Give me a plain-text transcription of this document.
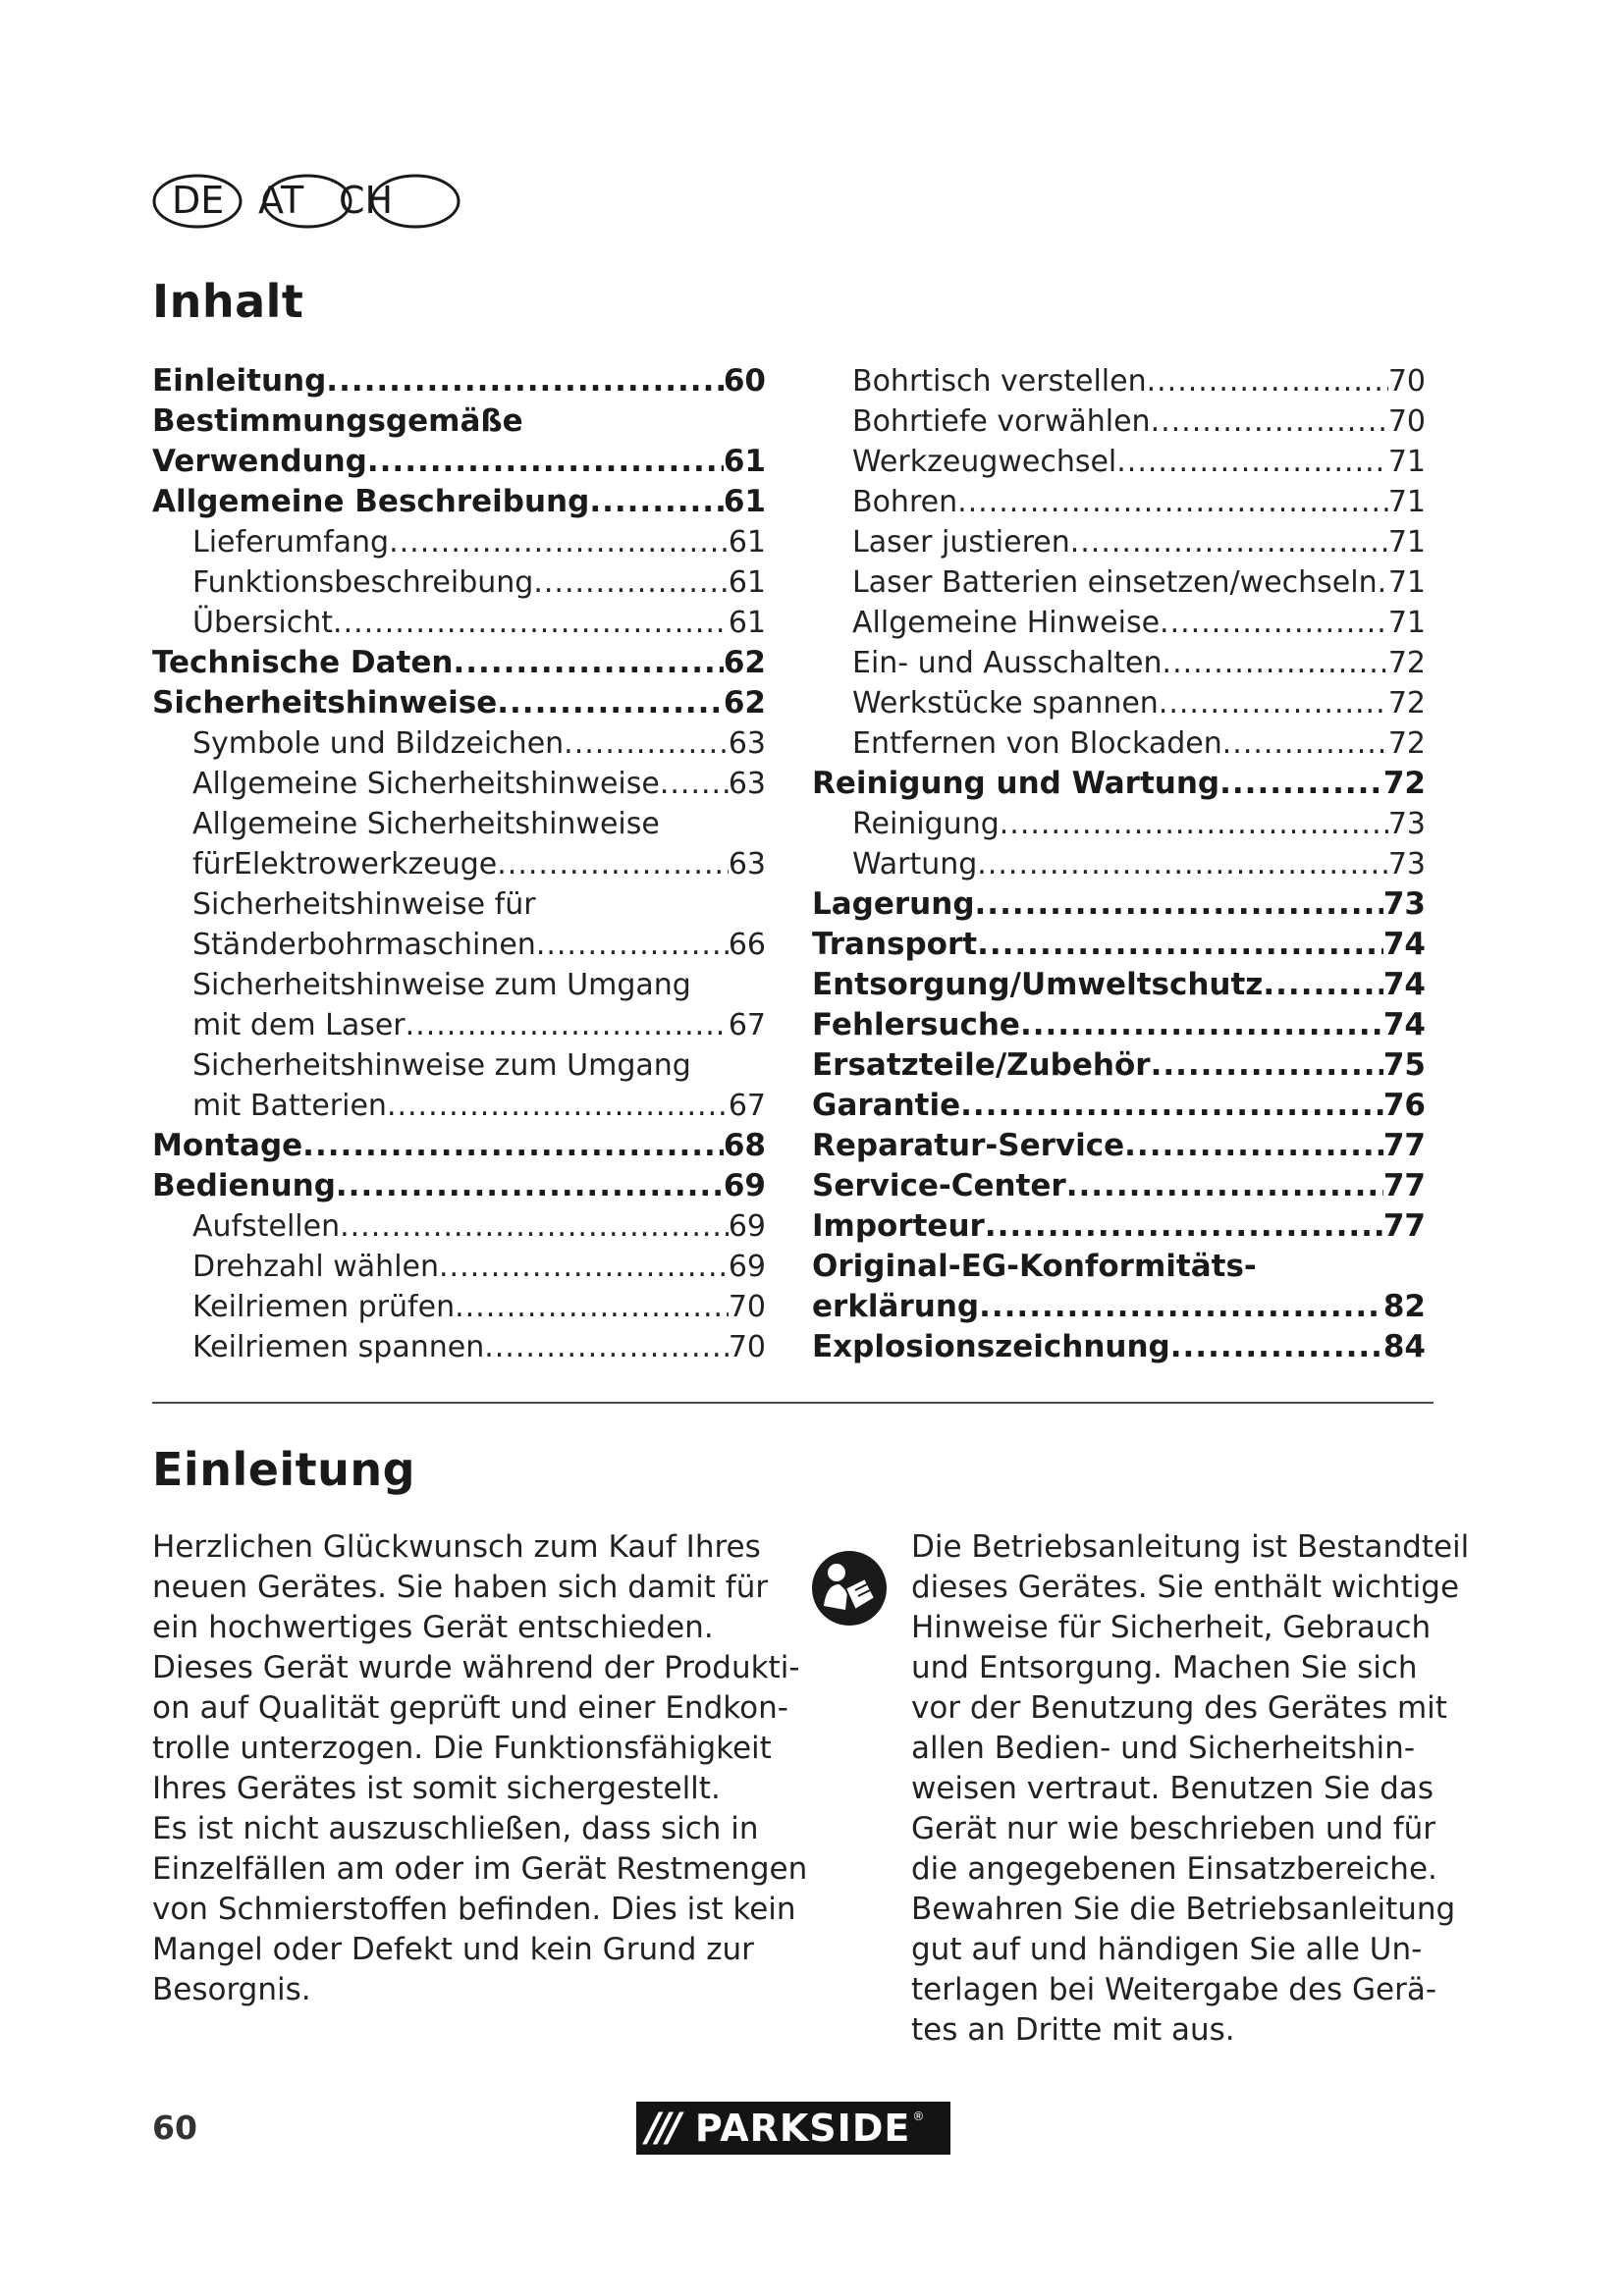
DE AT CH
Inhalt
Einleitung .....	60
Bestimmungsgemäße
Verwendung .....	61
Allgemeine Beschreibung .....	61
Lieferumfang .....	61
Funktionsbeschreibung .....	61
Übersicht .....	61
Technische Daten .....	62
Sicherheitshinweise .....	62
Symbole und Bildzeichen .....	63
Allgemeine Sicherheitshinweise ..... 63
Allgemeine Sicherheitshinweise
fürElektrowerkzeuge .....	63
Sicherheitshinweise für
Ständerbohrmaschinen .....	66
Sicherheitshinweise zum Umgang
mit dem Laser .....	67
Sicherheitshinweise zum Umgang
mit Batterien .....	67
Montage .....	68
Bedienung .....	69
Aufstellen .....	69
Drehzahl wählen .....	69
Keilriemen prüfen .....	70
Keilriemen spannen .....	70
Bohrtisch verstellen .....	70
Bohrtiefe vorwählen .....	70
Werkzeugwechsel .....	71
Bohren .....	71
Laser justieren .....	71
Laser Batterien einsetzen/wechseln ..... 71
Allgemeine Hinweise .....	71
Ein- und Ausschalten .....	72
Werkstücke spannen .....	72
Entfernen von Blockaden .....	72
Reinigung und Wartung .....	72
Reinigung .....	73
Wartung .....	73
Lagerung .....	73
Transport .....	74
Entsorgung/Umweltschutz .....	74
Fehlersuche .....	74
Ersatzteile/Zubehör .....	75
Garantie .....	76
Reparatur-Service .....	77
Service-Center .....	77
Importeur .....	77
Original-EG-Konformitäts-
erklärung .....	82
Explosionszeichnung .....	84
Einleitung
Herzlichen Glückwunsch zum Kauf Ihres
neuen Gerätes. Sie haben sich damit für
ein hochwertiges Gerät entschieden.
Dieses Gerät wurde während der Produkti-
on auf Qualität geprüft und einer Endkon-
trolle unterzogen. Die Funktionsfähigkeit
Ihres Gerätes ist somit sichergestellt.
Es ist nicht auszuschließen, dass sich in
Einzelfällen am oder im Gerät Restmengen
von Schmierstoffen befinden. Dies ist kein
Mangel oder Defekt und kein Grund zur
Besorgnis.
Die Betriebsanleitung ist Bestandteil
dieses Gerätes. Sie enthält wichtige
Hinweise für Sicherheit, Gebrauch
und Entsorgung. Machen Sie sich
vor der Benutzung des Gerätes mit
allen Bedien- und Sicherheitshin-
weisen vertraut. Benutzen Sie das
Gerät nur wie beschrieben und für
die angegebenen Einsatzbereiche.
Bewahren Sie die Betriebsanleitung
gut auf und händigen Sie alle Un-
terlagen bei Weitergabe des Gerä-
tes an Dritte mit aus.
60	/// PARKSIDE ®
